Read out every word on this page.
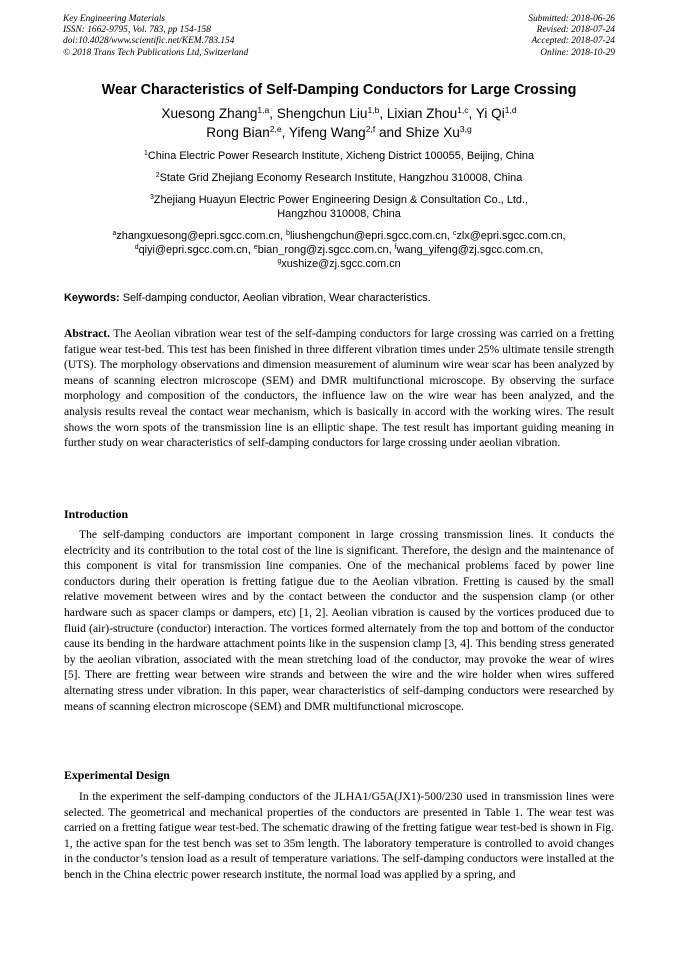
Key Engineering Materials
ISSN: 1662-9795, Vol. 783, pp 154-158
doi:10.4028/www.scientific.net/KEM.783.154
© 2018 Trans Tech Publications Ltd, Switzerland
Submitted: 2018-06-26
Revised: 2018-07-24
Accepted: 2018-07-24
Online: 2018-10-29
Wear Characteristics of Self-Damping Conductors for Large Crossing
Xuesong Zhang$^{1,a}$, Shengchun Liu$^{1,b}$, Lixian Zhou$^{1,c}$, Yi Qi$^{1,d}$
Rong Bian$^{2,e}$, Yifeng Wang$^{2,f}$ and Shize Xu$^{3,g}$
$^1$China Electric Power Research Institute, Xicheng District 100055, Beijing, China
$^2$State Grid Zhejiang Economy Research Institute, Hangzhou 310008, China
$^3$Zhejiang Huayun Electric Power Engineering Design & Consultation Co., Ltd.,
Hangzhou 310008, China
$^a$zhangxuesong@epri.sgcc.com.cn, $^b$liushengchun@epri.sgcc.com.cn, $^c$zlx@epri.sgcc.com.cn,
$^d$qiyi@epri.sgcc.com.cn, $^e$bian_rong@zj.sgcc.com.cn, $^f$wang_yifeng@zj.sgcc.com.cn,
$^g$xushize@zj.sgcc.com.cn
Keywords: Self-damping conductor, Aeolian vibration, Wear characteristics.
Abstract. The Aeolian vibration wear test of the self-damping conductors for large crossing was carried on a fretting fatigue wear test-bed. This test has been finished in three different vibration times under 25% ultimate tensile strength (UTS). The morphology observations and dimension measurement of aluminum wire wear scar has been analyzed by means of scanning electron microscope (SEM) and DMR multifunctional microscope. By observing the surface morphology and composition of the conductors, the influence law on the wire wear has been analyzed, and the analysis results reveal the contact wear mechanism, which is basically in accord with the working wires. The result shows the worn spots of the transmission line is an elliptic shape. The test result has important guiding meaning in further study on wear characteristics of self-damping conductors for large crossing under aeolian vibration.
Introduction

The self-damping conductors are important component in large crossing transmission lines. It conducts the electricity and its contribution to the total cost of the line is significant. Therefore, the design and the maintenance of this component is vital for transmission line companies. One of the mechanical problems faced by power line conductors during their operation is fretting fatigue due to the Aeolian vibration. Fretting is caused by the small relative movement between wires and by the contact between the conductor and the suspension clamp (or other hardware such as spacer clamps or dampers, etc) [1, 2]. Aeolian vibration is caused by the vortices produced due to fluid (air)-structure (conductor) interaction. The vortices formed alternately from the top and bottom of the conductor cause its bending in the hardware attachment points like in the suspension clamp [3, 4]. This bending stress generated by the aeolian vibration, associated with the mean stretching load of the conductor, may provoke the wear of wires [5]. There are fretting wear between wire strands and between the wire and the wire holder when wires suffered alternating stress under vibration. In this paper, wear characteristics of self-damping conductors were researched by means of scanning electron microscope (SEM) and DMR multifunctional microscope.

Experimental Design

In the experiment the self-damping conductors of the JLHA1/G5A(JX1)-500/230 used in transmission lines were selected. The geometrical and mechanical properties of the conductors are presented in Table 1. The wear test was carried on a fretting fatigue wear test-bed. The schematic drawing of the fretting fatigue wear test-bed is shown in Fig. 1, the active span for the test bench was set to 35m length. The laboratory temperature is controlled to avoid changes in the conductor’s tension load as a result of temperature variations. The self-damping conductors were installed at the bench in the China electric power research institute, the normal load was applied by a spring, and
